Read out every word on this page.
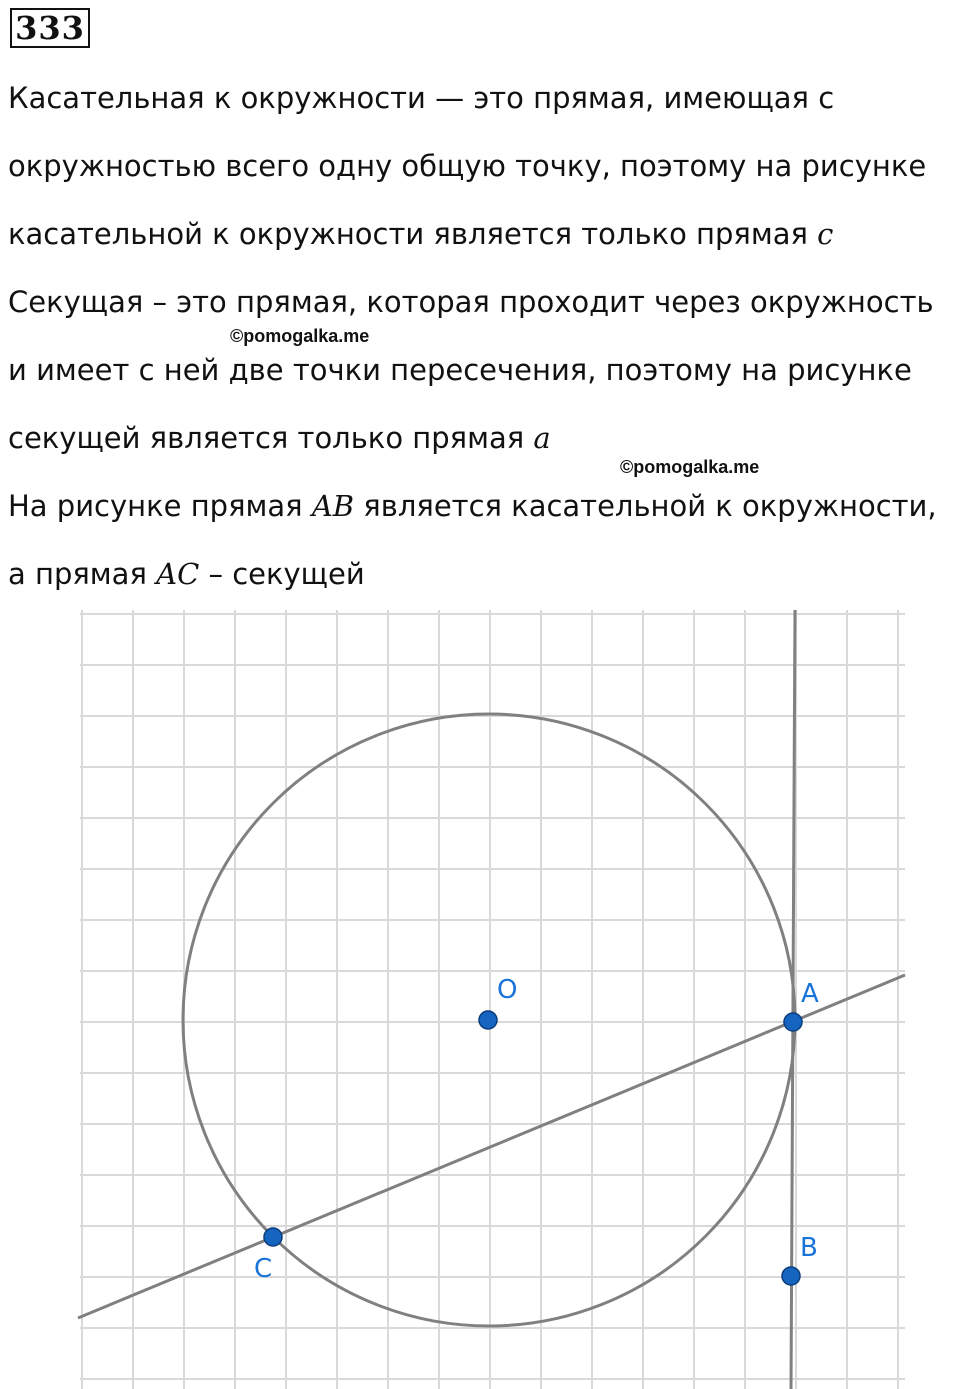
333
Касательная к окружности — это прямая, имеющая с
окружностью всего одну общую точку, поэтому на рисунке
касательной к окружности является только прямая c
Секущая – это прямая, которая проходит через окружность
©pomogalka.me
и имеет с ней две точки пересечения, поэтому на рисунке
секущей является только прямая a
©pomogalka.me
На рисунке прямая AB является касательной к окружности,
а прямая AC – секущей
O	A
B
C
